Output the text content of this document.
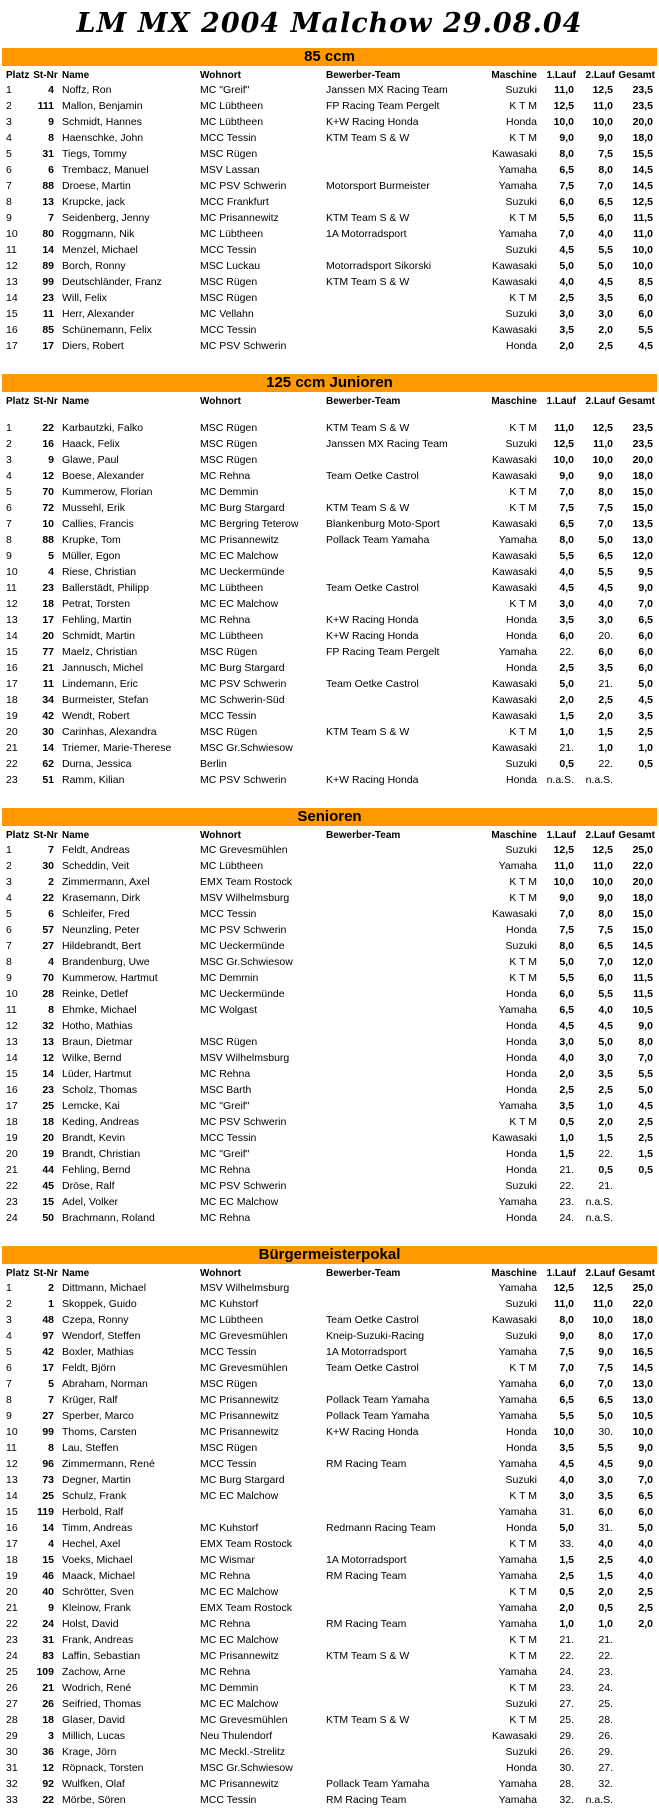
LM MX 2004 Malchow 29.08.04
85 ccm
Platz	St-Nr	Name	Wohnort	Bewerber-Team	Maschine	1.Lauf	2.Lauf	Gesamt
1	4	Noffz, Ron	MC "Greif"	Janssen MX Racing Team	Suzuki	11,0	12,5	23,5
2	111	Mallon, Benjamin	MC Lübtheen	FP Racing Team Pergelt	K T M	12,5	11,0	23,5
3	9	Schmidt, Hannes	MC Lübtheen	K+W Racing Honda	Honda	10,0	10,0	20,0
4	8	Haenschke, John	MCC Tessin	KTM Team S & W	K T M	9,0	9,0	18,0
5	31	Tiegs, Tommy	MSC Rügen		Kawasaki	8,0	7,5	15,5
6	6	Trembacz, Manuel	MSV Lassan		Yamaha	6,5	8,0	14,5
7	88	Droese, Martin	MC PSV Schwerin	Motorsport Burmeister	Yamaha	7,5	7,0	14,5
8	13	Krupcke, jack	MCC Frankfurt		Suzuki	6,0	6,5	12,5
9	7	Seidenberg, Jenny	MC Prisannewitz	KTM Team S & W	K T M	5,5	6,0	11,5
10	80	Roggmann, Nik	MC Lübtheen	1A Motorradsport	Yamaha	7,0	4,0	11,0
11	14	Menzel, Michael	MCC Tessin		Suzuki	4,5	5,5	10,0
12	89	Borch, Ronny	MSC Luckau	Motorradsport Sikorski	Kawasaki	5,0	5,0	10,0
13	99	Deutschländer, Franz	MSC Rügen	KTM Team S & W	Kawasaki	4,0	4,5	8,5
14	23	Will, Felix	MSC Rügen		K T M	2,5	3,5	6,0
15	11	Herr, Alexander	MC Vellahn		Suzuki	3,0	3,0	6,0
16	85	Schünemann, Felix	MCC Tessin		Kawasaki	3,5	2,0	5,5
17	17	Diers, Robert	MC PSV Schwerin		Honda	2,0	2,5	4,5
125 ccm Junioren
Platz	St-Nr	Name	Wohnort	Bewerber-Team	Maschine	1.Lauf	2.Lauf	Gesamt

1	22	Karbautzki, Falko	MSC Rügen	KTM Team S & W	K T M	11,0	12,5	23,5
2	16	Haack, Felix	MSC Rügen	Janssen MX Racing Team	Suzuki	12,5	11,0	23,5
3	9	Glawe, Paul	MSC Rügen		Kawasaki	10,0	10,0	20,0
4	12	Boese, Alexander	MC Rehna	Team Oetke Castrol	Kawasaki	9,0	9,0	18,0
5	70	Kummerow, Florian	MC Demmin		K T M	7,0	8,0	15,0
6	72	Mussehl, Erik	MC Burg Stargard	KTM Team S & W	K T M	7,5	7,5	15,0
7	10	Callies, Francis	MC Bergring Teterow	Blankenburg Moto-Sport	Kawasaki	6,5	7,0	13,5
8	88	Krupke, Tom	MC Prisannewitz	Pollack Team Yamaha	Yamaha	8,0	5,0	13,0
9	5	Müller, Egon	MC EC Malchow		Kawasaki	5,5	6,5	12,0
10	4	Riese, Christian	MC Ueckermünde		Kawasaki	4,0	5,5	9,5
11	23	Ballerstädt, Philipp	MC Lübtheen	Team Oetke Castrol	Kawasaki	4,5	4,5	9,0
12	18	Petrat, Torsten	MC EC Malchow		K T M	3,0	4,0	7,0
13	17	Fehling, Martin	MC Rehna	K+W Racing Honda	Honda	3,5	3,0	6,5
14	20	Schmidt, Martin	MC Lübtheen	K+W Racing Honda	Honda	6,0	20.	6,0
15	77	Maelz, Christian	MSC Rügen	FP Racing Team Pergelt	Yamaha	22.	6,0	6,0
16	21	Jannusch, Michel	MC Burg Stargard		Honda	2,5	3,5	6,0
17	11	Lindemann, Eric	MC PSV Schwerin	Team Oetke Castrol	Kawasaki	5,0	21.	5,0
18	34	Burmeister, Stefan	MC Schwerin-Süd		Kawasaki	2,0	2,5	4,5
19	42	Wendt, Robert	MCC Tessin		Kawasaki	1,5	2,0	3,5
20	30	Carinhas, Alexandra	MSC Rügen	KTM Team S & W	K T M	1,0	1,5	2,5
21	14	Triemer, Marie-Therese	MSC Gr.Schwiesow		Kawasaki	21.	1,0	1,0
22	62	Durna, Jessica	Berlin		Suzuki	0,5	22.	0,5
23	51	Ramm, Kilian	MC PSV Schwerin	K+W Racing Honda	Honda	n.a.S.	n.a.S.	
Senioren
Platz	St-Nr	Name	Wohnort	Bewerber-Team	Maschine	1.Lauf	2.Lauf	Gesamt
1	7	Feldt, Andreas	MC Grevesmühlen		Suzuki	12,5	12,5	25,0
2	30	Scheddin, Veit	MC Lübtheen		Yamaha	11,0	11,0	22,0
3	2	Zimmermann, Axel	EMX Team Rostock		K T M	10,0	10,0	20,0
4	22	Krasemann, Dirk	MSV Wilhelmsburg		K T M	9,0	9,0	18,0
5	6	Schleifer, Fred	MCC Tessin		Kawasaki	7,0	8,0	15,0
6	57	Neunzling, Peter	MC PSV Schwerin		Honda	7,5	7,5	15,0
7	27	Hildebrandt, Bert	MC Ueckermünde		Suzuki	8,0	6,5	14,5
8	4	Brandenburg, Uwe	MSC Gr.Schwiesow		K T M	5,0	7,0	12,0
9	70	Kummerow, Hartmut	MC Demmin		K T M	5,5	6,0	11,5
10	28	Reinke, Detlef	MC Ueckermünde		Honda	6,0	5,5	11,5
11	8	Ehmke, Michael	MC Wolgast		Yamaha	6,5	4,0	10,5
12	32	Hotho, Mathias			Honda	4,5	4,5	9,0
13	13	Braun, Dietmar	MSC Rügen		Honda	3,0	5,0	8,0
14	12	Wilke, Bernd	MSV Wilhelmsburg		Honda	4,0	3,0	7,0
15	14	Lüder, Hartmut	MC Rehna		Honda	2,0	3,5	5,5
16	23	Scholz, Thomas	MSC Barth		Honda	2,5	2,5	5,0
17	25	Lemcke, Kai	MC "Greif"		Yamaha	3,5	1,0	4,5
18	18	Keding, Andreas	MC PSV Schwerin		K T M	0,5	2,0	2,5
19	20	Brandt, Kevin	MCC Tessin		Kawasaki	1,0	1,5	2,5
20	19	Brandt, Christian	MC "Greif"		Honda	1,5	22.	1,5
21	44	Fehling, Bernd	MC Rehna		Honda	21.	0,5	0,5
22	45	Dröse, Ralf	MC PSV Schwerin		Suzuki	22.	21.	
23	15	Adel, Volker	MC EC Malchow		Yamaha	23.	n.a.S.	
24	50	Brachmann, Roland	MC Rehna		Honda	24.	n.a.S.	
Bürgermeisterpokal
Platz	St-Nr	Name	Wohnort	Bewerber-Team	Maschine	1.Lauf	2.Lauf	Gesamt
1	2	Dittmann, Michael	MSV Wilhelmsburg		Yamaha	12,5	12,5	25,0
2	1	Skoppek, Guido	MC Kuhstorf		Suzuki	11,0	11,0	22,0
3	48	Czepa, Ronny	MC Lübtheen	Team Oetke Castrol	Kawasaki	8,0	10,0	18,0
4	97	Wendorf, Steffen	MC Grevesmühlen	Kneip-Suzuki-Racing	Suzuki	9,0	8,0	17,0
5	42	Boxler, Mathias	MCC Tessin	1A Motorradsport	Yamaha	7,5	9,0	16,5
6	17	Feldt, Björn	MC Grevesmühlen	Team Oetke Castrol	K T M	7,0	7,5	14,5
7	5	Abraham, Norman	MSC Rügen		Yamaha	6,0	7,0	13,0
8	7	Krüger, Ralf	MC Prisannewitz	Pollack Team Yamaha	Yamaha	6,5	6,5	13,0
9	27	Sperber, Marco	MC Prisannewitz	Pollack Team Yamaha	Yamaha	5,5	5,0	10,5
10	99	Thoms, Carsten	MC Prisannewitz	K+W Racing Honda	Honda	10,0	30.	10,0
11	8	Lau, Steffen	MSC Rügen		Honda	3,5	5,5	9,0
12	96	Zimmermann, René	MCC Tessin	RM Racing Team	Yamaha	4,5	4,5	9,0
13	73	Degner, Martin	MC Burg Stargard		Suzuki	4,0	3,0	7,0
14	25	Schulz, Frank	MC EC Malchow		K T M	3,0	3,5	6,5
15	119	Herbold, Ralf			Yamaha	31.	6,0	6,0
16	14	Timm, Andreas	MC Kuhstorf	Redmann Racing Team	Honda	5,0	31.	5,0
17	4	Hechel, Axel	EMX Team Rostock		K T M	33.	4,0	4,0
18	15	Voeks, Michael	MC Wismar	1A Motorradsport	Yamaha	1,5	2,5	4,0
19	46	Maack, Michael	MC Rehna	RM Racing Team	Yamaha	2,5	1,5	4,0
20	40	Schrötter, Sven	MC EC Malchow		K T M	0,5	2,0	2,5
21	9	Kleinow, Frank	EMX Team Rostock		Yamaha	2,0	0,5	2,5
22	24	Holst, David	MC Rehna	RM Racing Team	Yamaha	1,0	1,0	2,0
23	31	Frank, Andreas	MC EC Malchow		K T M	21.	21.	
24	83	Laffin, Sebastian	MC Prisannewitz	KTM Team S & W	K T M	22.	22.	
25	109	Zachow, Arne	MC Rehna		Yamaha	24.	23.	
26	21	Wodrich, René	MC Demmin		K T M	23.	24.	
27	26	Seifried, Thomas	MC EC Malchow		Suzuki	27.	25.	
28	18	Glaser, David	MC Grevesmühlen	KTM Team S & W	K T M	25.	28.	
29	3	Millich, Lucas	Neu Thulendorf		Kawasaki	29.	26.	
30	36	Krage, Jörn	MC Meckl.-Strelitz		Suzuki	26.	29.	
31	12	Röpnack, Torsten	MSC Gr.Schwiesow		Honda	30.	27.	
32	92	Wulfken, Olaf	MC Prisannewitz	Pollack Team Yamaha	Yamaha	28.	32.	
33	22	Mörbe, Sören	MCC Tessin	RM Racing Team	Yamaha	32.	n.a.S.	
